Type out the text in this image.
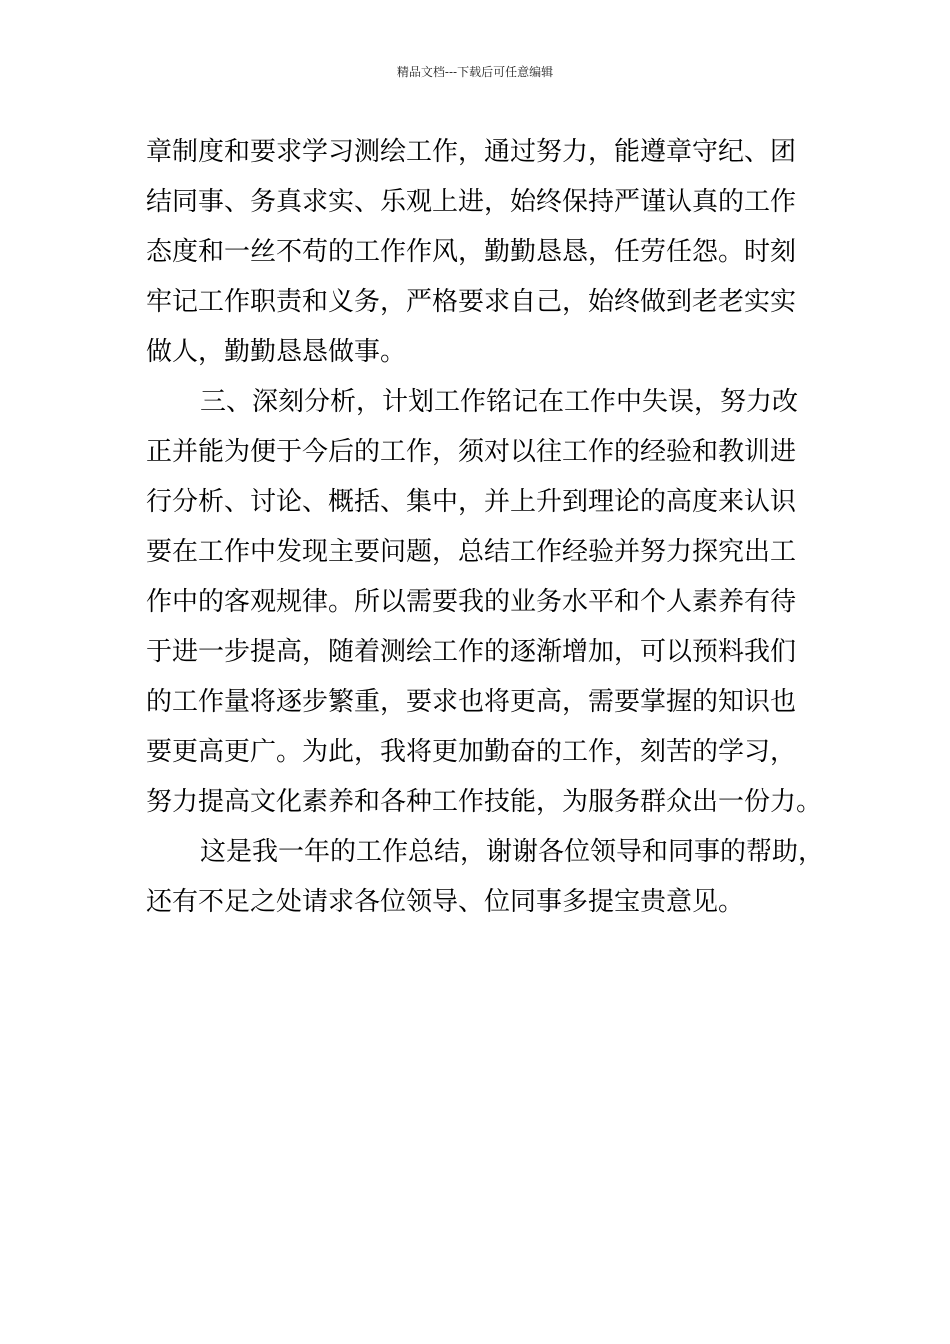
精品文档---下载后可任意编辑
章制度和要求学习测绘工作，通过努力，能遵章守纪、团
结同事、务真求实、乐观上进，始终保持严谨认真的工作
态度和一丝不苟的工作作风，勤勤恳恳，任劳任怨。时刻
牢记工作职责和义务，严格要求自己，始终做到老老实实
做人，勤勤恳恳做事。
三、深刻分析，计划工作铭记在工作中失误，努力改
正并能为便于今后的工作，须对以往工作的经验和教训进
行分析、讨论、概括、集中，并上升到理论的高度来认识
要在工作中发现主要问题，总结工作经验并努力探究出工
作中的客观规律。所以需要我的业务水平和个人素养有待
于进一步提高，随着测绘工作的逐渐增加，可以预料我们
的工作量将逐步繁重，要求也将更高，需要掌握的知识也
要更高更广。为此，我将更加勤奋的工作，刻苦的学习，
努力提高文化素养和各种工作技能，为服务群众出一份力。
这是我一年的工作总结，谢谢各位领导和同事的帮助，
还有不足之处请求各位领导、位同事多提宝贵意见。
